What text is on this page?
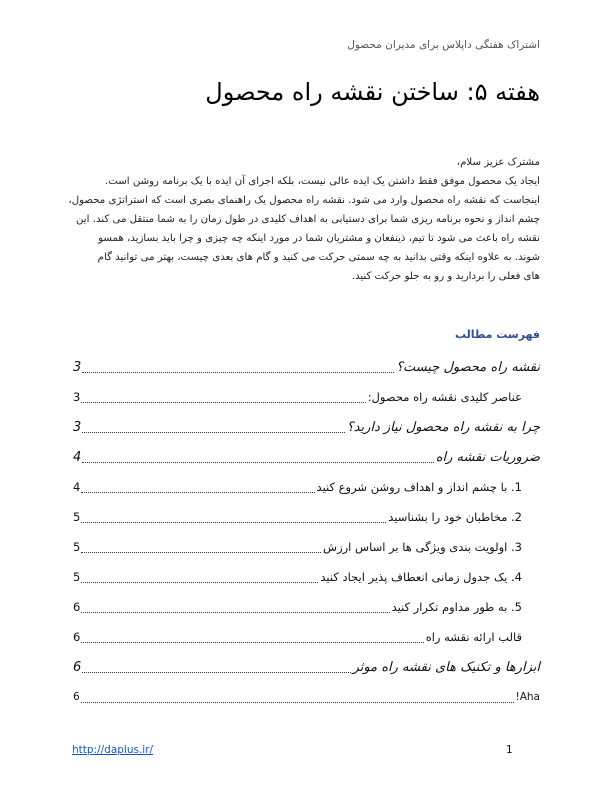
اشتراک هفتگی داپلاس برای مدیران محصول
هفته ۵: ساختن نقشه راه محصول
مشترک عزیز سلام،
ایجاد یک محصول موفق فقط داشتن یک ایده عالی نیست، بلکه اجرای آن ایده با یک برنامه روشن است.
اینجاست که نقشه راه محصول وارد می شود. نقشه راه محصول یک راهنمای بصری است که استراتژی محصول،
چشم انداز و نحوه برنامه ریزی شما برای دستیابی به اهداف کلیدی در طول زمان را به شما منتقل می کند. این
نقشه راه باعث می شود تا تیم، ذینفعان و مشتریان شما در مورد اینکه چه چیزی و چرا باید بسازید، همسو
شوند. به علاوه اینکه وقتی بدانید به چه سمتی حرکت می کنید و گام های بعدی چیست، بهتر می توانید گام
های فعلی را بردارید و رو به جلو حرکت کنید.
فهرست مطالب
نقشه راه محصول چیست؟
3
عناصر کلیدی نقشه راه محصول:
3
چرا به نقشه راه محصول نیاز دارید؟
3
ضروریات نقشه راه
4
1. با چشم انداز و اهداف روشن شروع کنید
4
2. مخاطبان خود را بشناسید
5
3. اولویت بندی ویژگی ها بر اساس ارزش
5
4. یک جدول زمانی انعطاف پذیر ایجاد کنید
5
5. به طور مداوم تکرار کنید
6
قالب ارائه نقشه راه
6
ابزارها و تکنیک های نقشه راه موثر
6
Aha!
6
http://daplus.ir/	1
